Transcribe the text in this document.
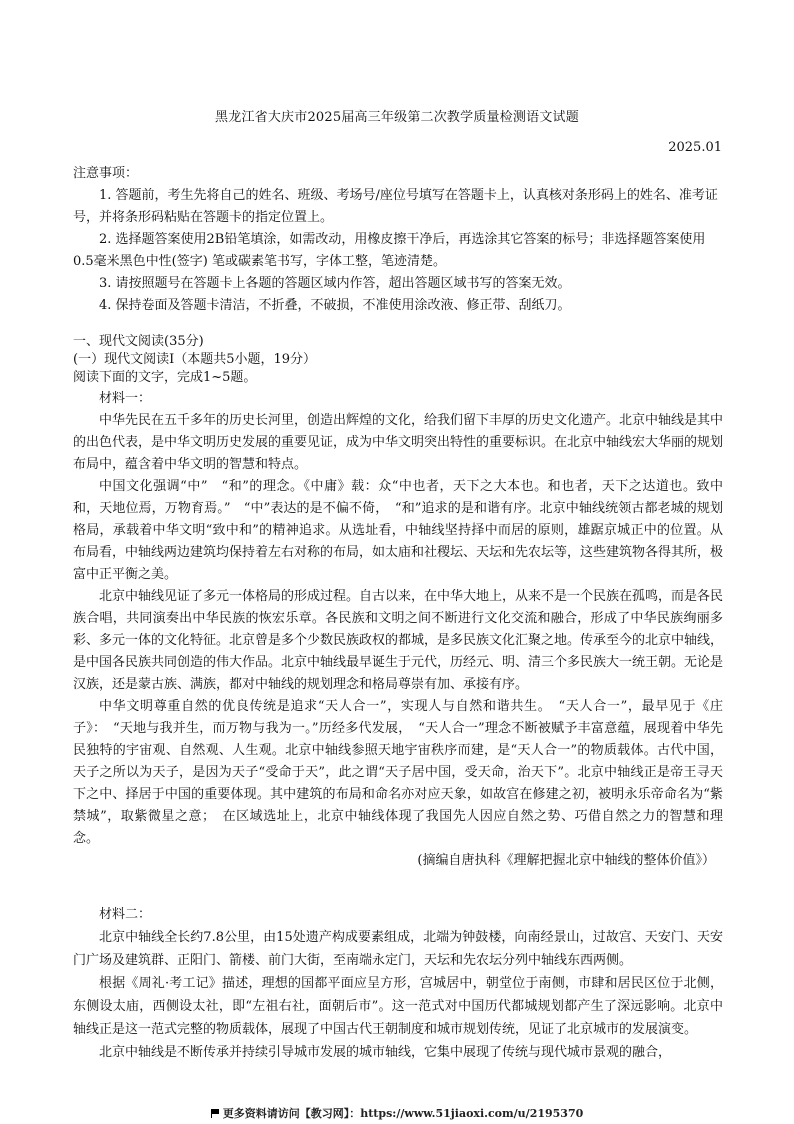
黑龙江省大庆市2025届高三年级第二次教学质量检测语文试题
2025.01

注意事项：

1. 答题前，考生先将自己的姓名、班级、考场号/座位号填写在答题卡上，认真核对条形码上的姓名、准考证号，并将条形码粘贴在答题卡的指定位置上。

2. 选择题答案使用2B铅笔填涂，如需改动，用橡皮擦干净后，再选涂其它答案的标号；非选择题答案使用0.5毫米黑色中性(签字) 笔或碳素笔书写，字体工整，笔迹清楚。

3. 请按照题号在答题卡上各题的答题区域内作答，超出答题区域书写的答案无效。

4. 保持卷面及答题卡清洁，不折叠，不破损，不准使用涂改液、修正带、刮纸刀。

一、现代文阅读(35分)

(一）现代文阅读Ⅰ（本题共5小题，19分）

阅读下面的文字，完成1~5题。

材料一：

中华先民在五千多年的历史长河里，创造出辉煌的文化，给我们留下丰厚的历史文化遗产。北京中轴线是其中的出色代表，是中华文明历史发展的重要见证，成为中华文明突出特性的重要标识。在北京中轴线宏大华丽的规划布局中，蕴含着中华文明的智慧和特点。

中国文化强调“中”　“和”的理念。《中庸》载：众“中也者，天下之大本也。和也者，天下之达道也。致中和，天地位焉，万物育焉。”　“中”表达的是不偏不倚，　“和”追求的是和谐有序。北京中轴线统领古都老城的规划格局，承载着中华文明“致中和”的精神追求。从选址看，中轴线坚持择中而居的原则，雄踞京城正中的位置。从布局看，中轴线两边建筑均保持着左右对称的布局，如太庙和社稷坛、天坛和先农坛等，这些建筑物各得其所，极富中正平衡之美。

北京中轴线见证了多元一体格局的形成过程。自古以来，在中华大地上，从来不是一个民族在孤鸣，而是各民族合唱，共同演奏出中华民族的恢宏乐章。各民族和文明之间不断进行文化交流和融合，形成了中华民族绚丽多彩、多元一体的文化特征。北京曾是多个少数民族政权的都城，是多民族文化汇聚之地。传承至今的北京中轴线，是中国各民族共同创造的伟大作品。北京中轴线最早诞生于元代，历经元、明、清三个多民族大一统王朝。无论是汉族，还是蒙古族、满族，都对中轴线的规划理念和格局尊崇有加、承接有序。

中华文明尊重自然的优良传统是追求“天人合一”，实现人与自然和谐共生。　“天人合一”，最早见于《庄子》：　“天地与我并生，而万物与我为一。”历经多代发展，　“天人合一”理念不断被赋予丰富意蕴，展现着中华先民独特的宇宙观、自然观、人生观。北京中轴线参照天地宇宙秩序而建，是“天人合一”的物质载体。古代中国，天子之所以为天子，是因为天子“受命于天”，此之谓“天子居中国，受天命，治天下”。北京中轴线正是帝王寻天下之中、择居于中国的重要体现。其中建筑的布局和命名亦对应天象，如故宫在修建之初，被明永乐帝命名为“紫禁城”，取紫微星之意；　在区域选址上，北京中轴线体现了我国先人因应自然之势、巧借自然之力的智慧和理念。

(摘编自唐执科《理解把握北京中轴线的整体价值》）

材料二：

北京中轴线全长约7.8公里，由15处遗产构成要素组成，北端为钟鼓楼，向南经景山，过故宫、天安门、天安门广场及建筑群、正阳门、箭楼、前门大街，至南端永定门，天坛和先农坛分列中轴线东西两侧。

根据《周礼·考工记》描述，理想的国都平面应呈方形，宫城居中，朝堂位于南侧，市肆和居民区位于北侧，东侧设太庙，西侧设太社，即“左祖右社，面朝后市”。这一范式对中国历代都城规划都产生了深远影响。北京中轴线正是这一范式完整的物质载体，展现了中国古代王朝制度和城市规划传统，见证了北京城市的发展演变。

北京中轴线是不断传承并持续引导城市发展的城市轴线，它集中展现了传统与现代城市景观的融合，

更多资料请访问【教习网】：https://www.51jiaoxi.com/u/2195370
